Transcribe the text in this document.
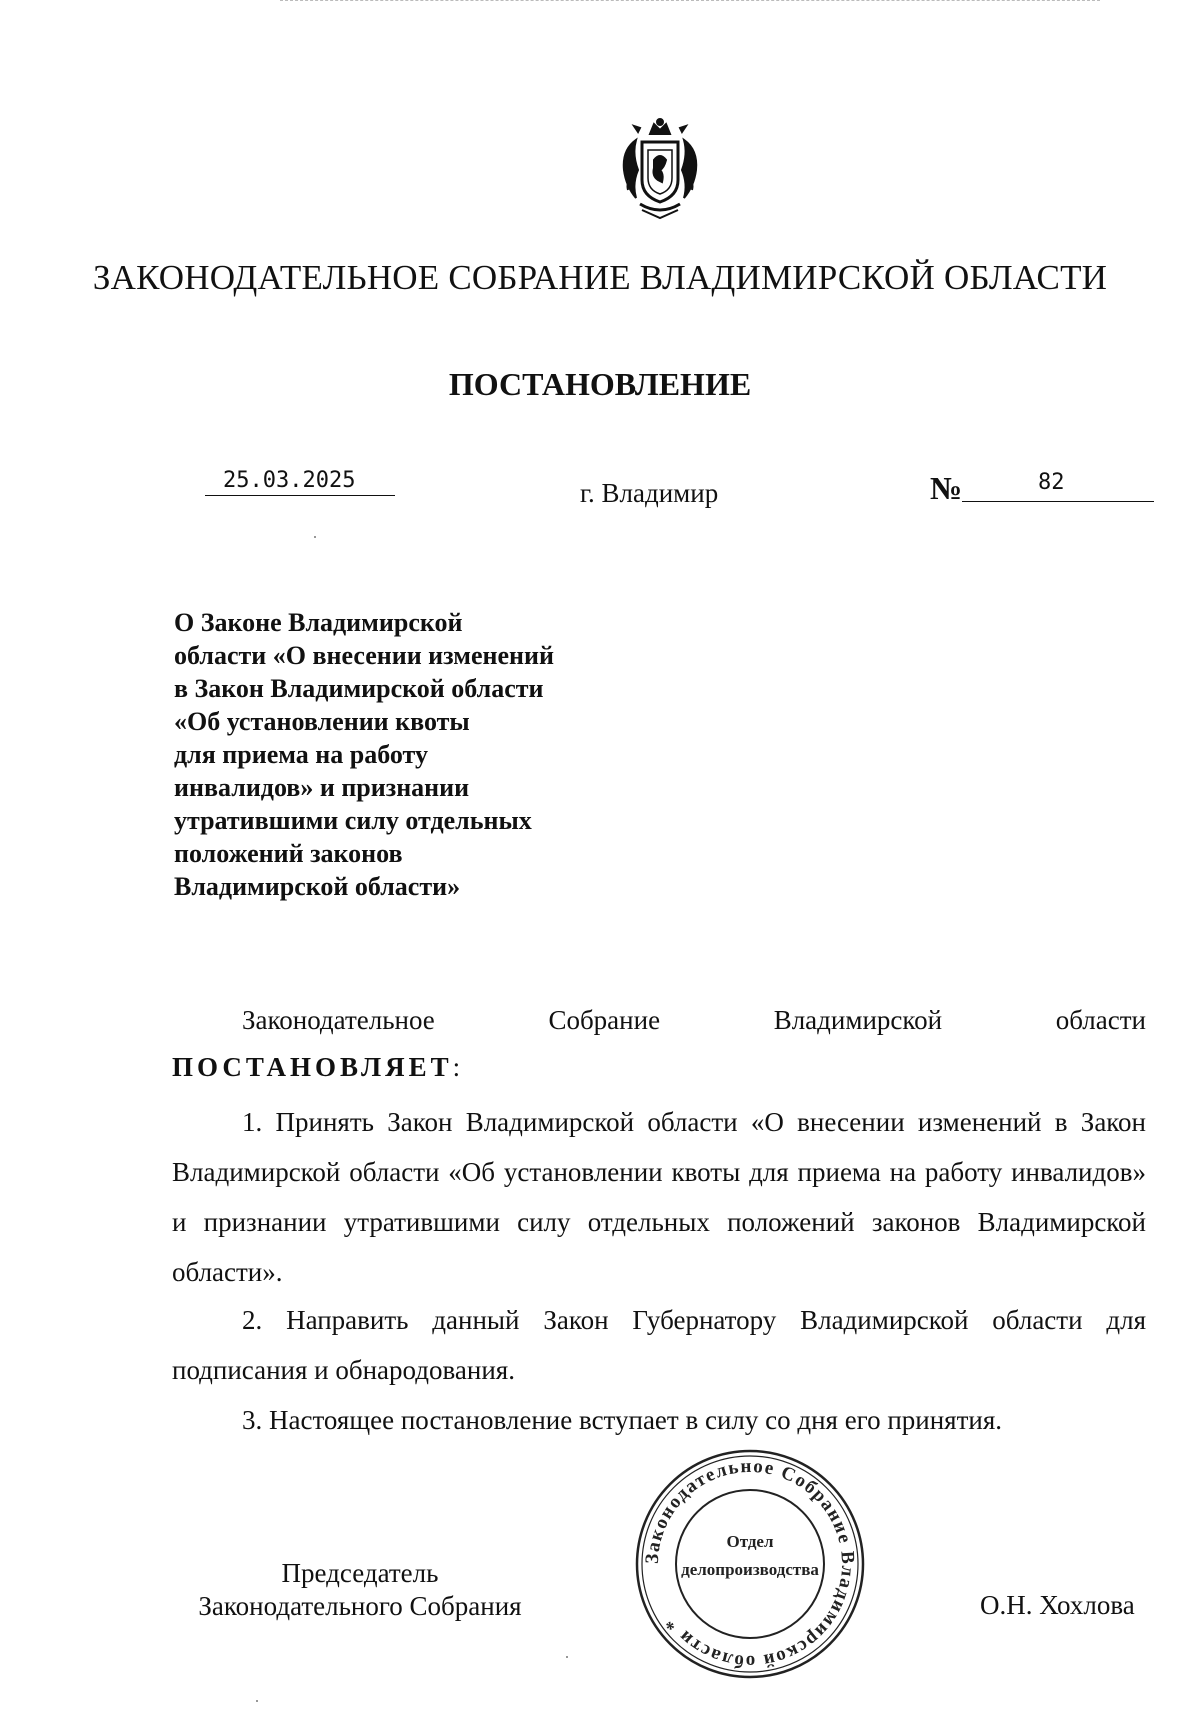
ЗАКОНОДАТЕЛЬНОЕ СОБРАНИЕ ВЛАДИМИРСКОЙ ОБЛАСТИ
ПОСТАНОВЛЕНИЕ
25.03.2025	г. Владимир	№	82
О Законе Владимирской
области «О внесении изменений
в Закон Владимирской области
«Об установлении квоты
для приема на работу
инвалидов» и признании
утратившими силу отдельных
положений законов
Владимирской области»
Законодательное	Собрание	Владимирской	области
ПОСТАНОВЛЯЕТ:
1. Принять Закон Владимирской области «О внесении изменений в Закон Владимирской области «Об установлении квоты для приема на работу инвалидов» и признании утратившими силу отдельных положений законов Владимирской области».
2. Направить данный Закон Губернатору Владимирской области для подписания и обнародования.
3. Настоящее постановление вступает в силу со дня его принятия.
Председатель
Законодательного Собрания	О.Н. Хохлова
Законодательное Собрание Владимирской области *
Отдел
делопроизводства
